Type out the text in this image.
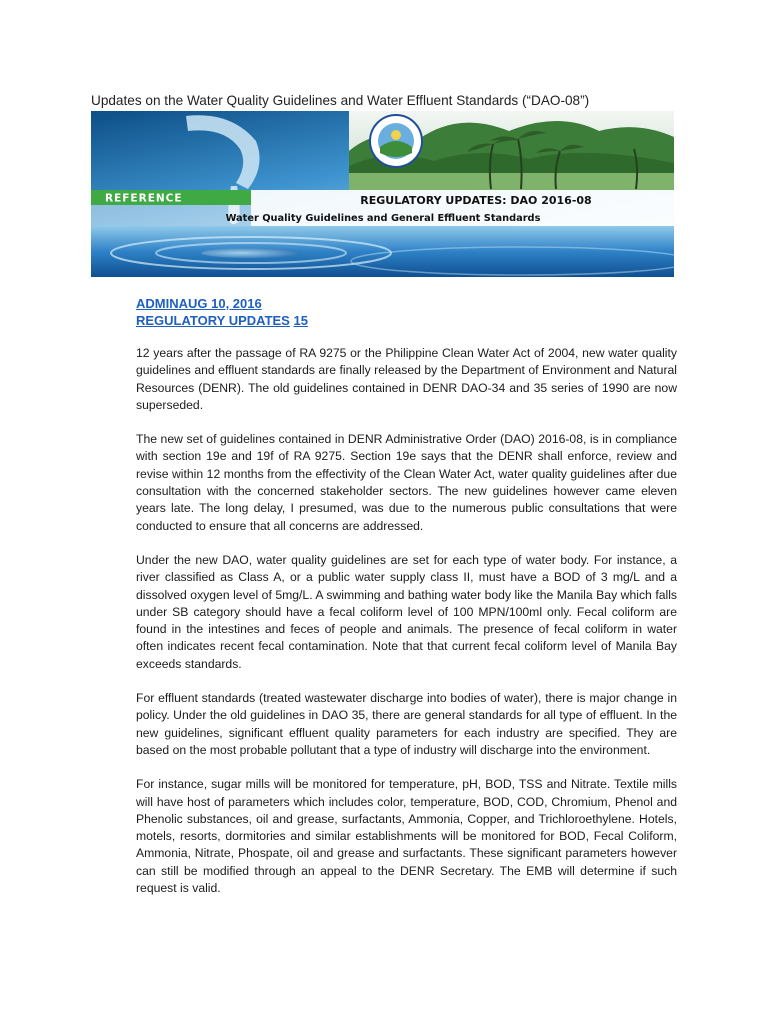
Updates on the Water Quality Guidelines and Water Effluent Standards (“DAO-08”)
REFERENCE	REGULATORY UPDATES: DAO 2016-08
Water Quality Guidelines and General Effluent Standards
ADMINAUG 10, 2016
REGULATORY UPDATES 15

12 years after the passage of RA 9275 or the Philippine Clean Water Act of 2004, new water quality guidelines and effluent standards are finally released by the Department of Environment and Natural Resources (DENR). The old guidelines contained in DENR DAO-34 and 35 series of 1990 are now superseded.

The new set of guidelines contained in DENR Administrative Order (DAO) 2016-08, is in compliance with section 19e and 19f of RA 9275. Section 19e says that the DENR shall enforce, review and revise within 12 months from the effectivity of the Clean Water Act, water quality guidelines after due consultation with the concerned stakeholder sectors. The new guidelines however came eleven years late. The long delay, I presumed, was due to the numerous public consultations that were conducted to ensure that all concerns are addressed.

Under the new DAO, water quality guidelines are set for each type of water body. For instance, a river classified as Class A, or a public water supply class II, must have a BOD of 3 mg/L and a dissolved oxygen level of 5mg/L. A swimming and bathing water body like the Manila Bay which falls under SB category should have a fecal coliform level of 100 MPN/100ml only. Fecal coliform are found in the intestines and feces of people and animals. The presence of fecal coliform in water often indicates recent fecal contamination. Note that that current fecal coliform level of Manila Bay exceeds standards.

For effluent standards (treated wastewater discharge into bodies of water), there is major change in policy. Under the old guidelines in DAO 35, there are general standards for all type of effluent. In the new guidelines, significant effluent quality parameters for each industry are specified. They are based on the most probable pollutant that a type of industry will discharge into the environment.

For instance, sugar mills will be monitored for temperature, pH, BOD, TSS and Nitrate. Textile mills will have host of parameters which includes color, temperature, BOD, COD, Chromium, Phenol and Phenolic substances, oil and grease, surfactants, Ammonia, Copper, and Trichloroethylene. Hotels, motels, resorts, dormitories and similar establishments will be monitored for BOD, Fecal Coliform, Ammonia, Nitrate, Phospate, oil and grease and surfactants. These significant parameters however can still be modified through an appeal to the DENR Secretary. The EMB will determine if such request is valid.
